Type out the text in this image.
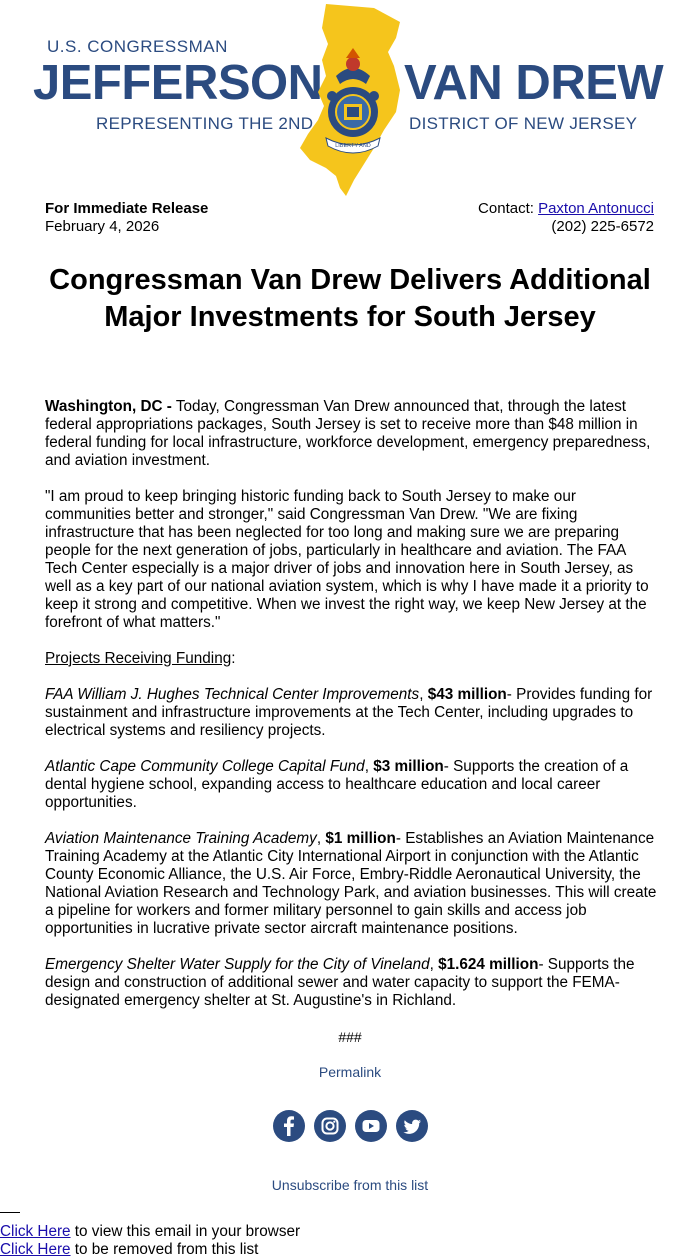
U.S. CONGRESSMAN
JEFFERSON VAN DREW
REPRESENTING THE 2ND	DISTRICT OF NEW JERSEY
LIBERTY AND
For Immediate Release
February 4, 2026
Contact: Paxton Antonucci
(202) 225-6572
Congressman Van Drew Delivers Additional Major Investments for South Jersey

Washington, DC - Today, Congressman Van Drew announced that, through the latest federal appropriations packages, South Jersey is set to receive more than $48 million in federal funding for local infrastructure, workforce development, emergency preparedness, and aviation investment.

"I am proud to keep bringing historic funding back to South Jersey to make our communities better and stronger," said Congressman Van Drew. "We are fixing infrastructure that has been neglected for too long and making sure we are preparing people for the next generation of jobs, particularly in healthcare and aviation. The FAA Tech Center especially is a major driver of jobs and innovation here in South Jersey, as well as a key part of our national aviation system, which is why I have made it a priority to keep it strong and competitive. When we invest the right way, we keep New Jersey at the forefront of what matters."

Projects Receiving Funding:

FAA William J. Hughes Technical Center Improvements, $43 million- Provides funding for sustainment and infrastructure improvements at the Tech Center, including upgrades to electrical systems and resiliency projects.

Atlantic Cape Community College Capital Fund, $3 million- Supports the creation of a dental hygiene school, expanding access to healthcare education and local career opportunities.

Aviation Maintenance Training Academy, $1 million- Establishes an Aviation Maintenance Training Academy at the Atlantic City International Airport in conjunction with the Atlantic County Economic Alliance, the U.S. Air Force, Embry-Riddle Aeronautical University, the National Aviation Research and Technology Park, and aviation businesses. This will create a pipeline for workers and former military personnel to gain skills and access job opportunities in lucrative private sector aircraft maintenance positions.

Emergency Shelter Water Supply for the City of Vineland, $1.624 million- Supports the design and construction of additional sewer and water capacity to support the FEMA-designated emergency shelter at St. Augustine's in Richland.

###
Permalink
Unsubscribe from this list
Click Here to view this email in your browser
Click Here to be removed from this list
